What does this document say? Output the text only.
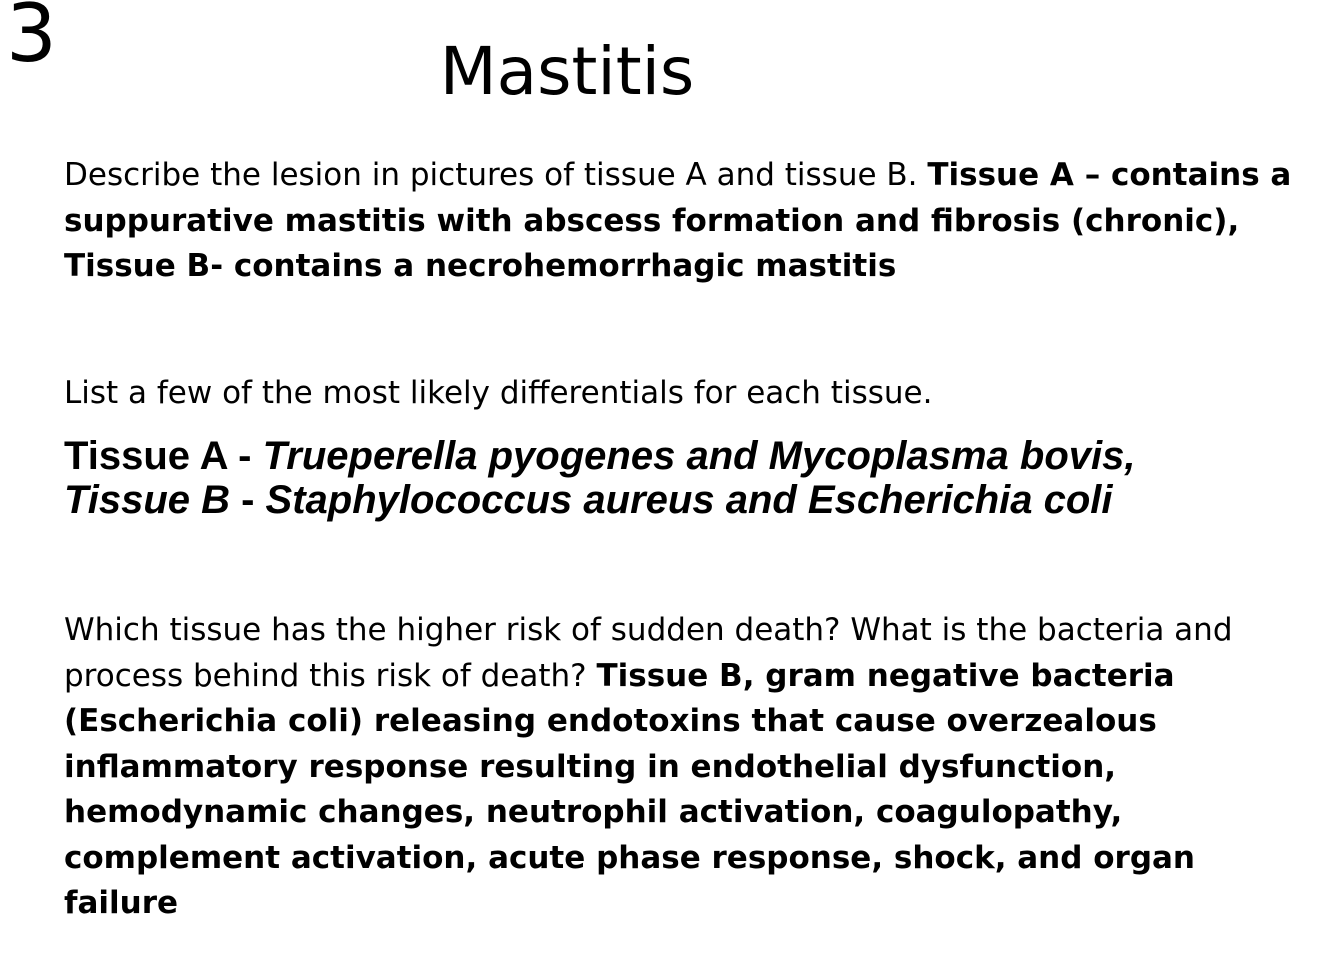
3	Mastitis

Describe the lesion in pictures of tissue A and tissue B. Tissue A – contains a suppurative mastitis with abscess formation and fibrosis (chronic), Tissue B- contains a necrohemorrhagic mastitis

List a few of the most likely differentials for each tissue.

Tissue A - Trueperella pyogenes and Mycoplasma bovis,
Tissue B - Staphylococcus aureus and Escherichia coli

Which tissue has the higher risk of sudden death? What is the bacteria and process behind this risk of death? Tissue B, gram negative bacteria (Escherichia coli) releasing endotoxins that cause overzealous inflammatory response resulting in endothelial dysfunction, hemodynamic changes, neutrophil activation, coagulopathy, complement activation, acute phase response, shock, and organ failure
